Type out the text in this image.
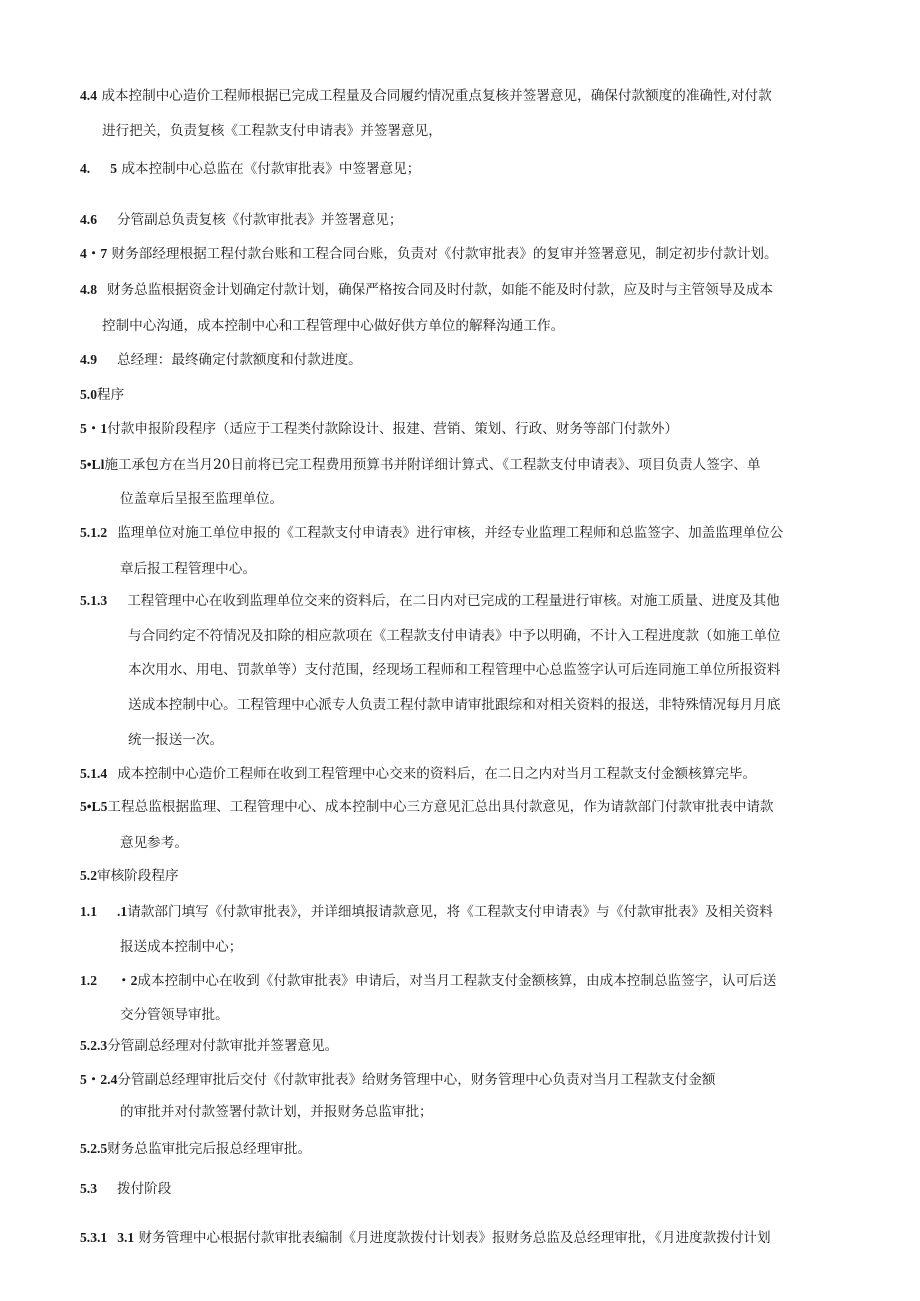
4.4 成本控制中心造价工程师根据已完成工程量及合同履约情况重点复核并签署意见，确保付款额度的准确性,对付款
进行把关，负责复核《工程款支付申请表》并签署意见，
4. 5 成本控制中心总监在《付款审批表》中签署意见；
4.6 分管副总负责复核《付款审批表》并签署意见；
4・7 财务部经理根据工程付款台账和工程合同台账，负责对《付款审批表》的复审并签署意见，制定初步付款计划。
4.8 财务总监根据资金计划确定付款计划，确保严格按合同及时付款，如能不能及时付款，应及时与主管领导及成本
控制中心沟通，成本控制中心和工程管理中心做好供方单位的解释沟通工作。
4.9 总经理：最终确定付款额度和付款进度。
5.0程序
5・1付款申报阶段程序（适应于工程类付款除设计、报建、营销、策划、行政、财务等部门付款外）
5•Ll施工承包方在当月20日前将已完工程费用预算书并附详细计算式、《工程款支付申请表》、项目负责人签字、单
位盖章后呈报至监理单位。
5.1.2 监理单位对施工单位申报的《工程款支付申请表》进行审核，并经专业监理工程师和总监签字、加盖监理单位公
章后报工程管理中心。
5.1.3 工程管理中心在收到监理单位交来的资料后，在二日内对已完成的工程量进行审核。对施工质量、进度及其他
与合同约定不符情况及扣除的相应款项在《工程款支付申请表》中予以明确，不计入工程进度款（如施工单位
本次用水、用电、罚款单等）支付范围，经现场工程师和工程管理中心总监签字认可后连同施工单位所报资料
送成本控制中心。工程管理中心派专人负责工程付款申请审批跟综和对相关资料的报送，非特殊情况每月月底
统一报送一次。
5.1.4 成本控制中心造价工程师在收到工程管理中心交来的资料后，在二日之内对当月工程款支付金额核算完毕。
5•L5工程总监根据监理、工程管理中心、成本控制中心三方意见汇总出具付款意见，作为请款部门付款审批表中请款
意见参考。
5.2审核阶段程序
1.1 .1请款部门填写《付款审批表》，并详细填报请款意见，将《工程款支付申请表》与《付款审批表》及相关资料
报送成本控制中心；
1.2 ・2成本控制中心在收到《付款审批表》申请后，对当月工程款支付金额核算，由成本控制总监签字，认可后送
交分管领导审批。
5.2.3分管副总经理对付款审批并签署意见。
5・2.4分管副总经理审批后交付《付款审批表》给财务管理中心，财务管理中心负责对当月工程款支付金额
的审批并对付款签署付款计划，并报财务总监审批；
5.2.5财务总监审批完后报总经理审批。
5.3 拨付阶段
5.3.1 3.1 财务管理中心根据付款审批表编制《月进度款拨付计划表》报财务总监及总经理审批，《月进度款拨付计划
